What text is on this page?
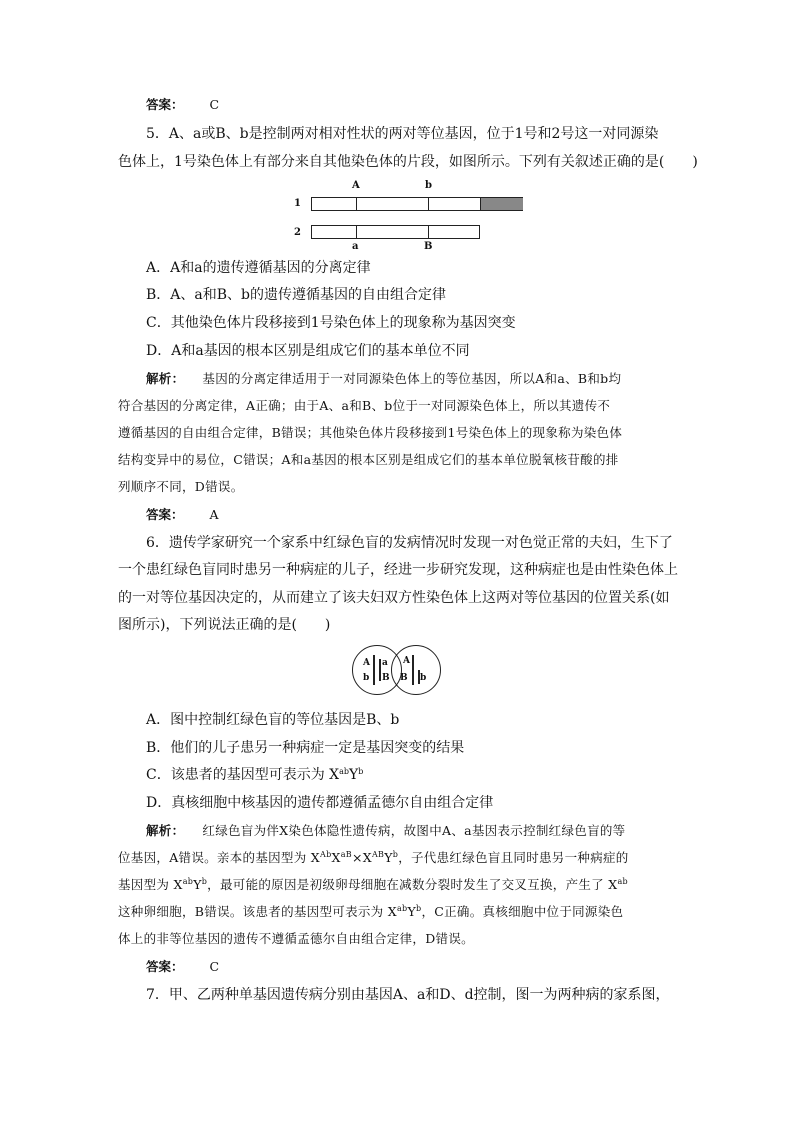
答案： C
5．A、a或B、b是控制两对相对性状的两对等位基因，位于1号和2号这一对同源染
色体上，1号染色体上有部分来自其他染色体的片段，如图所示。下列有关叙述正确的是(　　)
A	b
1
2
a	B
A．A和a的遗传遵循基因的分离定律
B．A、a和B、b的遗传遵循基因的自由组合定律
C．其他染色体片段移接到1号染色体上的现象称为基因突变
D．A和a基因的根本区别是组成它们的基本单位不同
解析： 基因的分离定律适用于一对同源染色体上的等位基因，所以A和a、B和b均
符合基因的分离定律，A正确；由于A、a和B、b位于一对同源染色体上，所以其遗传不
遵循基因的自由组合定律，B错误；其他染色体片段移接到1号染色体上的现象称为染色体
结构变异中的易位，C错误；A和a基因的根本区别是组成它们的基本单位脱氧核苷酸的排
列顺序不同，D错误。
答案： A
6．遗传学家研究一个家系中红绿色盲的发病情况时发现一对色觉正常的夫妇，生下了
一个患红绿色盲同时患另一种病症的儿子，经进一步研究发现，这种病症也是由性染色体上
的一对等位基因决定的，从而建立了该夫妇双方性染色体上这两对等位基因的位置关系(如
图所示)，下列说法正确的是(　　)
A a
b B
A
B b
A．图中控制红绿色盲的等位基因是B、b
B．他们的儿子患另一种病症一定是基因突变的结果
C．该患者的基因型可表示为 $X^{ab}Y^b$
D．真核细胞中核基因的遗传都遵循孟德尔自由组合定律
解析： 红绿色盲为伴X染色体隐性遗传病，故图中A、a基因表示控制红绿色盲的等
位基因，A错误。亲本的基因型为 $X^{Ab}X^{aB}\times X^{AB}Y^b$，子代患红绿色盲且同时患另一种病症的
基因型为 $X^{ab}Y^b$，最可能的原因是初级卵母细胞在减数分裂时发生了交叉互换，产生了 $X^{ab}$
这种卵细胞，B错误。该患者的基因型可表示为 $X^{ab}Y^b$，C正确。真核细胞中位于同源染色
体上的非等位基因的遗传不遵循孟德尔自由组合定律，D错误。
答案： C
7．甲、乙两种单基因遗传病分别由基因A、a和D、d控制，图一为两种病的家系图，
